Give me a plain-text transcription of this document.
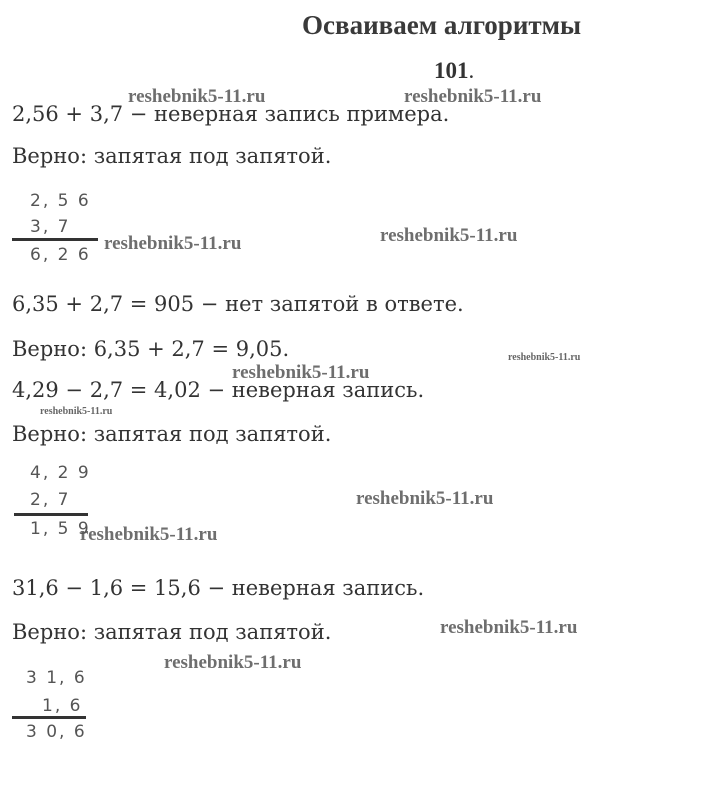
Осваиваем алгоритмы
101.
2,56 + 3,7 − неверная запись примера.
Верно: запятая под запятой.
2, 5 6
3, 7
6, 2 6
6,35 + 2,7 = 905 − нет запятой в ответе.
Верно: 6,35 + 2,7 = 9,05.
4,29 − 2,7 = 4,02 − неверная запись.
Верно: запятая под запятой.
4, 2 9
2, 7
1, 5 9
31,6 − 1,6 = 15,6 − неверная запись.
Верно: запятая под запятой.
3 1, 6
1, 6
3 0, 6
reshebnik5-11.ru	reshebnik5-11.ru
reshebnik5-11.ru	reshebnik5-11.ru
reshebnik5-11.ru
reshebnik5-11.ru
reshebnik5-11.ru
reshebnik5-11.ru
reshebnik5-11.ru
reshebnik5-11.ru
reshebnik5-11.ru
